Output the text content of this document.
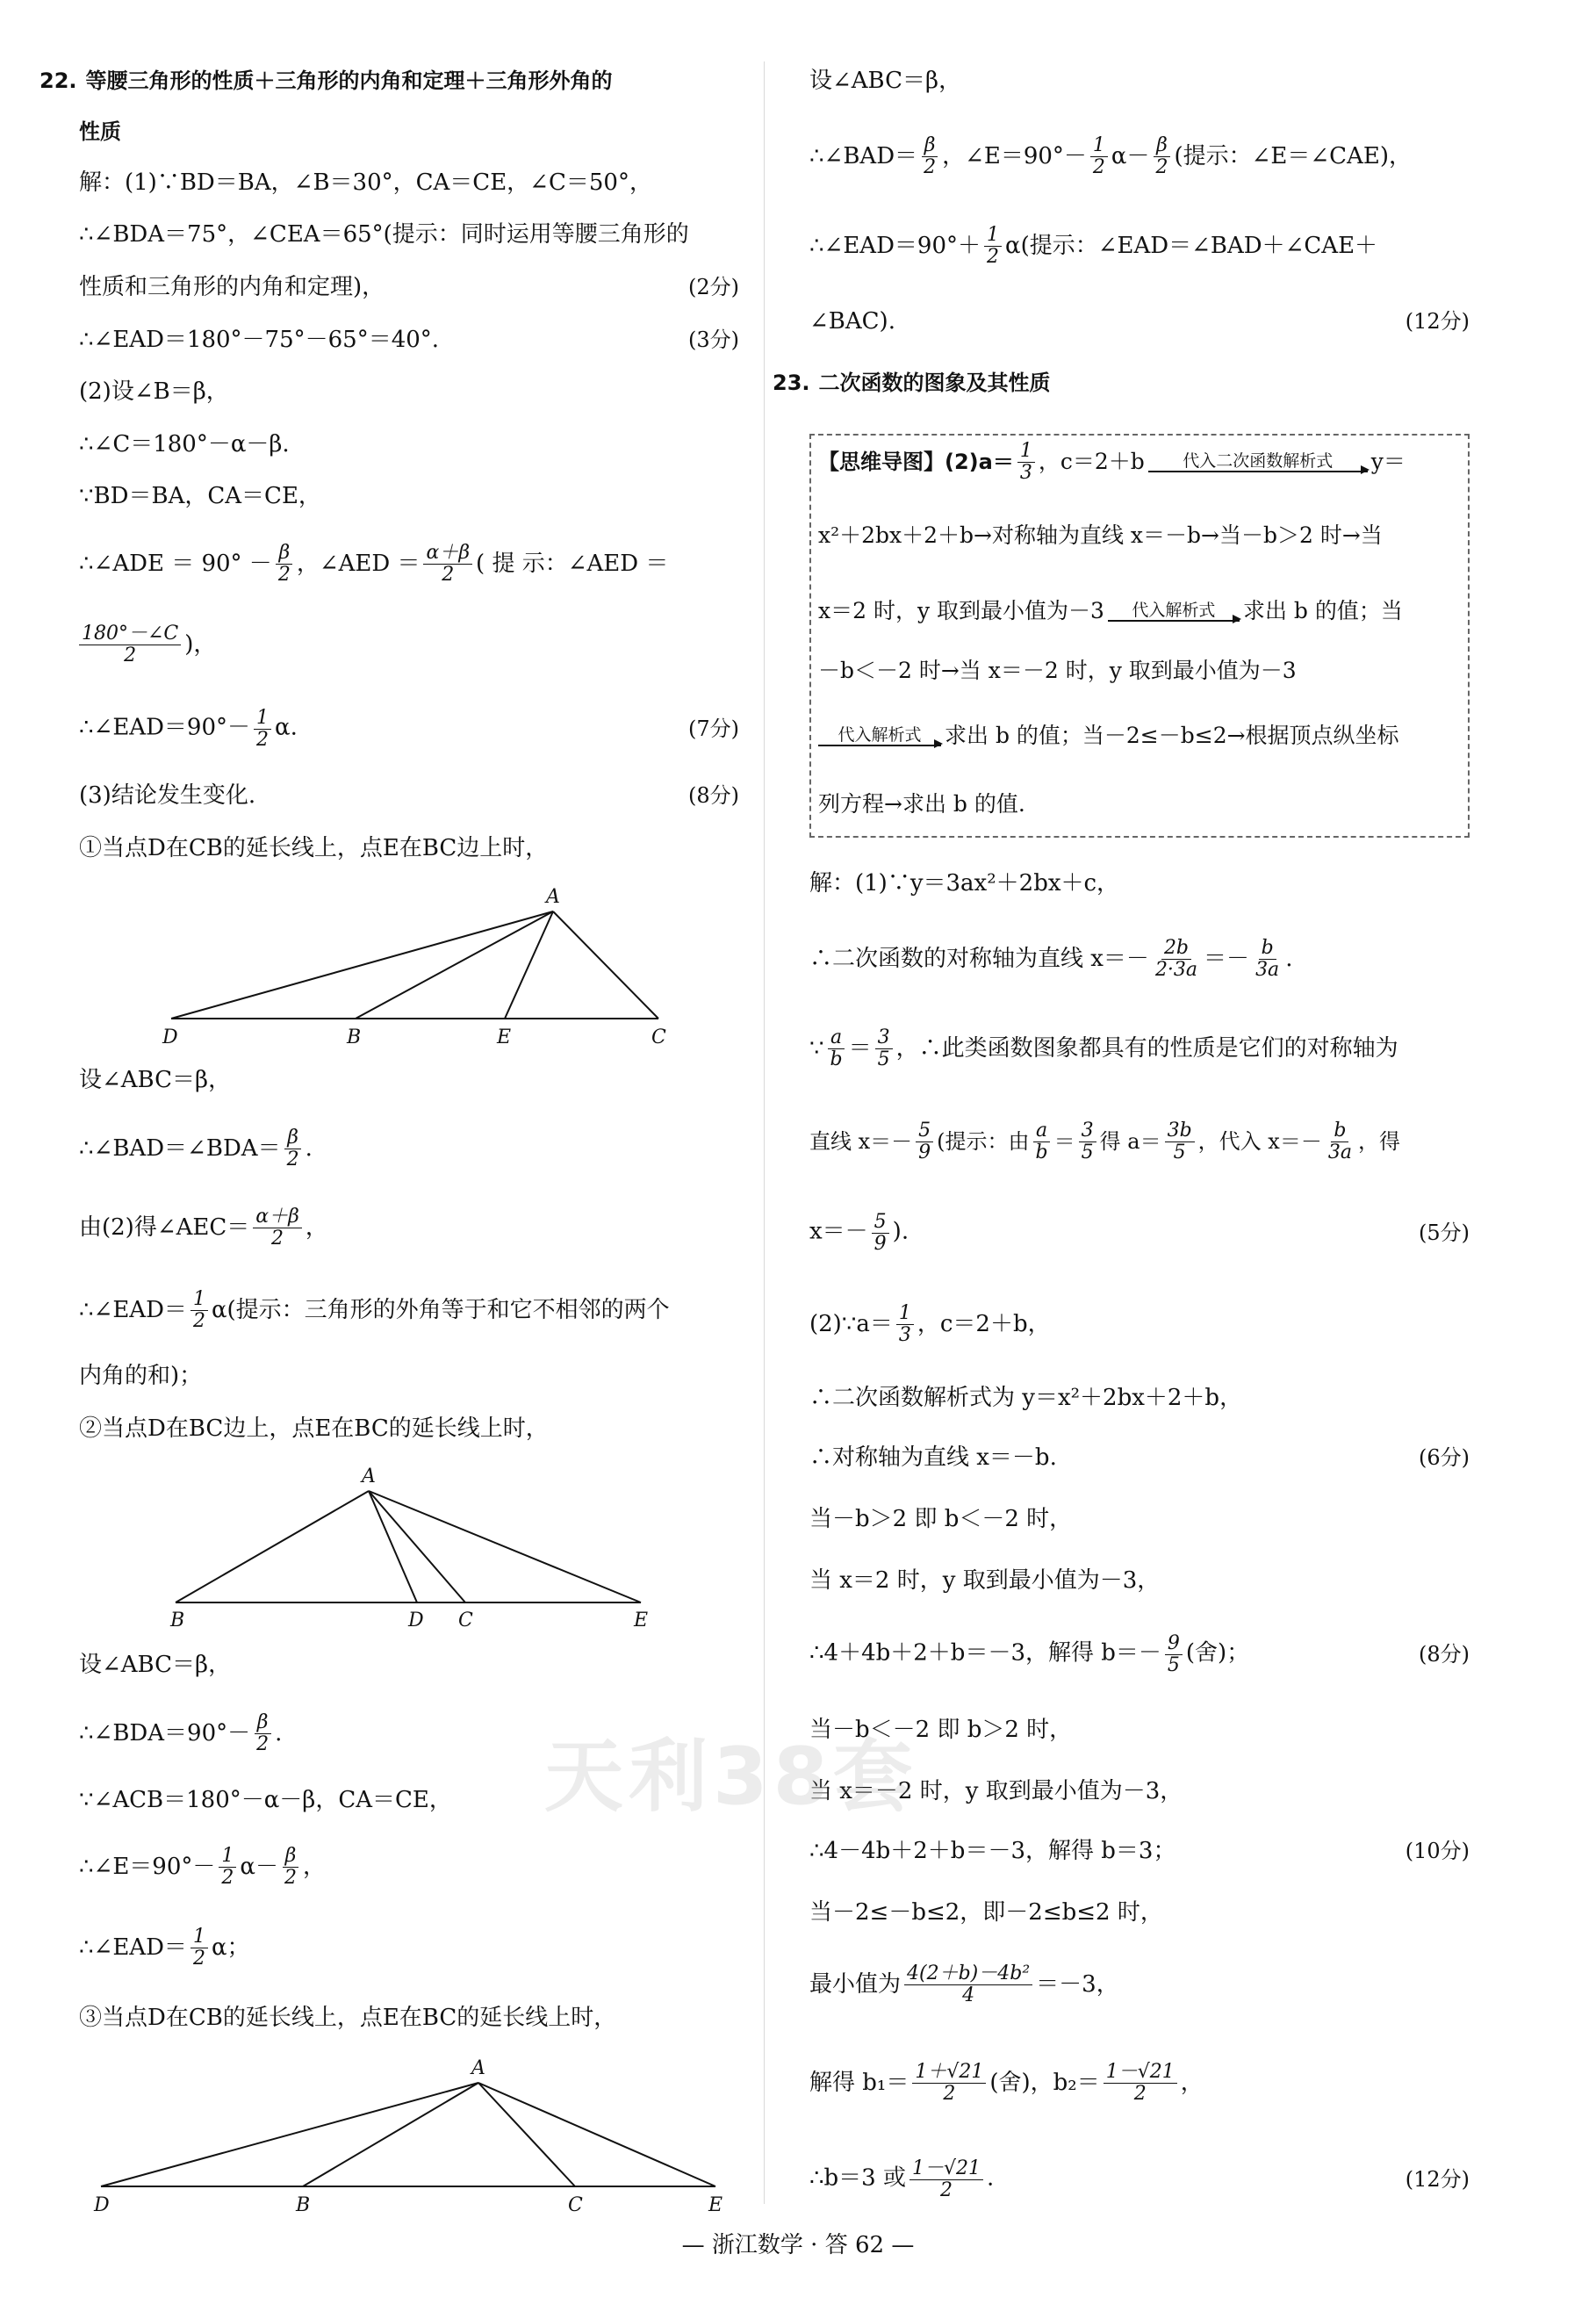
22. 等腰三角形的性质＋三角形的内角和定理＋三角形外角的
性质
解：(1)∵BD＝BA，∠B＝30°，CA＝CE，∠C＝50°，
∴∠BDA＝75°，∠CEA＝65°(提示：同时运用等腰三角形的
性质和三角形的内角和定理)，	(2分)
∴∠EAD＝180°－75°－65°＝40°.	(3分)
(2)设∠B＝β，
∴∠C＝180°－α－β.
∵BD＝BA，CA＝CE，
∴∠ADE ＝ $90^\circ - \frac{\beta}{2}$ ，∠AED ＝ $\frac{\alpha+\beta}{2}$ ( 提 示：∠AED ＝
$\frac{180^\circ-\angle C}{2}$ )，
∴∠EAD＝90°－ $\frac{1}{2} \alpha$.	(7分)
(3)结论发生变化.	(8分)
①当点D在CB的延长线上，点E在BC边上时，
A
D	B	E	C
设∠ABC＝β，
∴∠BAD＝∠BDA＝ $\frac{\beta}{2}$ .
由(2)得∠AEC＝ $\frac{\alpha+\beta}{2}$ ，
∴∠EAD＝ $\frac{1}{2} \alpha$(提示：三角形的外角等于和它不相邻的两个
内角的和)；
②当点D在BC边上，点E在BC的延长线上时，
A
B	D C	E
设∠ABC＝β，
∴∠BDA＝90°－ $\frac{\beta}{2}$ .
∵∠ACB＝180°－α－β，CA＝CE，
∴∠E＝90°－ $\frac{1}{2} \alpha- \frac{\beta}{2}$ ，
∴∠EAD＝ $\frac{1}{2}$ α；
③当点D在CB的延长线上，点E在BC的延长线上时，
A
D	B	C	E
设∠ABC＝β，
∴∠BAD＝ $\frac{\beta}{2}$ ，∠E＝90°－ $\frac{1}{2} \alpha- \frac{\beta}{2}$ (提示：∠E＝∠CAE)，
∴∠EAD＝90°＋ $\frac{1}{2} \alpha$(提示：∠EAD＝∠BAD＋∠CAE＋
∠BAC).	(12分)
23. 二次函数的图象及其性质
【思维导图】$(2)a= \frac{1}{3}$ ，c＝2＋b 代入二次函数解析式 y＝
x²＋2bx＋2＋b→对称轴为直线 x＝－b→当－b＞2 时→当
x＝2 时，y 取到最小值为－3 代入解析式 求出 b 的值；当
－b＜－2 时→当 x＝－2 时，y 取到最小值为－3
代入解析式 求出 b 的值；当－2≤－b≤2→根据顶点纵坐标
列方程→求出 b 的值.
解：(1)∵y＝3ax²＋2bx＋c，
∴二次函数的对称轴为直线 $x=- \frac{2b}{2\cdot 3a} =- \frac{b}{3a}$ .
∵ $\frac{a}{b} = \frac{3}{5}$ ，∴此类函数图象都具有的性质是它们的对称轴为
直线 $x=- \frac{5}{9}$ (提示：由 $\frac{a}{b} = \frac{3}{5}$ 得 $a= \frac{3b}{5}$ ，代入 $x=- \frac{b}{3a}$ ，得
$x=- \frac{5}{9}$ ).	(5分)
(2)∵a＝ $\frac{1}{3}$ ，c＝2＋b，
∴二次函数解析式为 y＝x²＋2bx＋2＋b，
∴对称轴为直线 x＝－b.	(6分)
当－b＞2 即 b＜－2 时，
当 x＝2 时，y 取到最小值为－3，
∴4＋4b＋2＋b＝－3，解得 $b=- \frac{9}{5}$ (舍)；	(8分)
当－b＜－2 即 b＞2 时，
当 x＝－2 时，y 取到最小值为－3，
∴4－4b＋2＋b＝－3，解得 b＝3；	(10分)
当－2≤－b≤2，即－2≤b≤2 时，
最小值为 $\frac{\text{4(2＋b)－4b²}}{4} =-3$，
解得 $b_1= \frac{1+√21}{2}$ (舍)，$b_2= \frac{1-√21}{2}$ ，
∴b＝3 或 $\frac{1-√21}{2}$ .	(12分)
天利38套
— 浙江数学 · 答 62 —
